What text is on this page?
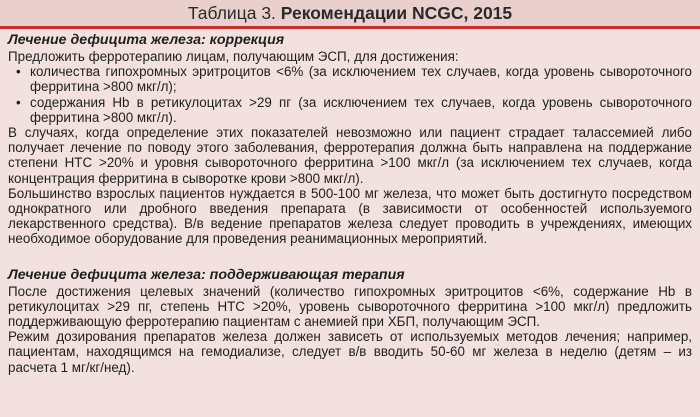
Таблица 3. Рекомендации NCGC, 2015
Лечение дефицита железа: коррекция

Предложить ферротерапию лицам, получающим ЭСП, для достижения:

• количества гипохромных эритроцитов <6% (за исключением тех случаев, когда уровень сывороточного ферритина >800 мкг/л);
• содержания Hb в ретикулоцитах >29 пг (за исключением тех случаев, когда уровень сывороточного ферритина >800 мкг/л).

В случаях, когда определение этих показателей невозможно или пациент страдает талассемией либо получает лечение по поводу этого заболевания, ферротерапия должна быть направлена на поддержание степени НТС >20% и уровня сывороточного ферритина >100 мкг/л (за исключением тех случаев, когда концентрация ферритина в сыворотке крови >800 мкг/л).

Большинство взрослых пациентов нуждается в 500-100 мг железа, что может быть достигнуто посредством однократного или дробного введения препарата (в зависимости от особенностей используемого лекарственного средства). В/в ведение препаратов железа следует проводить в учреждениях, имеющих необходимое оборудование для проведения реанимационных мероприятий.

Лечение дефицита железа: поддерживающая терапия

После достижения целевых значений (количество гипохромных эритроцитов <6%, содержание Hb в ретикулоцитах >29 пг, степень НТС >20%, уровень сывороточного ферритина >100 мкг/л) предложить поддерживающую ферротерапию пациентам с анемией при ХБП, получающим ЭСП.

Режим дозирования препаратов железа должен зависеть от используемых методов лечения; например, пациентам, находящимся на гемодиализе, следует в/в вводить 50-60 мг железа в неделю (детям – из расчета 1 мг/кг/нед).
